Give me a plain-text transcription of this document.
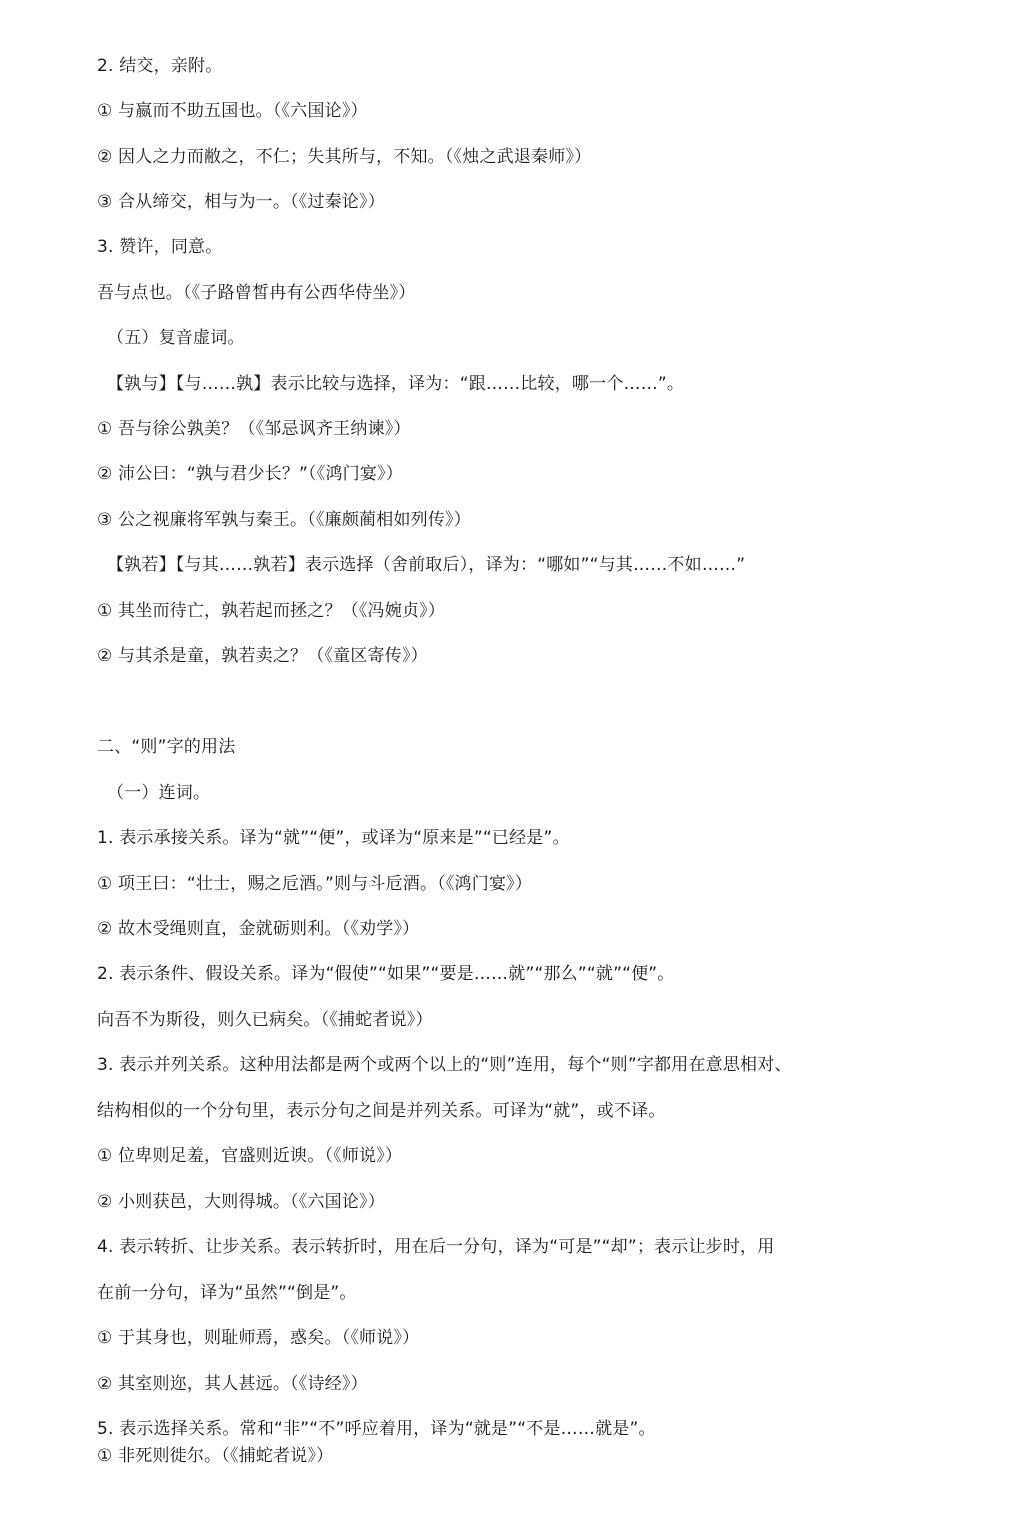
2. 结交，亲附。
① 与嬴而不助五国也。（《六国论》）
② 因人之力而敝之，不仁；失其所与，不知。（《烛之武退秦师》）
③ 合从缔交，相与为一。（《过秦论》）
3. 赞许，同意。
吾与点也。（《子路曾皙冉有公西华侍坐》）
（五）复音虚词。
【孰与】【与……孰】表示比较与选择，译为：“跟……比较，哪一个……”。
① 吾与徐公孰美？（《邹忌讽齐王纳谏》）
② 沛公曰：“孰与君少长？”（《鸿门宴》）
③ 公之视廉将军孰与秦王。（《廉颇蔺相如列传》）
【孰若】【与其……孰若】表示选择（舍前取后），译为：“哪如”“与其……不如……”
① 其坐而待亡，孰若起而拯之？（《冯婉贞》）
② 与其杀是童，孰若卖之？（《童区寄传》）
二、“则”字的用法
（一）连词。
1. 表示承接关系。译为“就”“便”，或译为“原来是”“已经是”。
① 项王曰：“壮士，赐之卮酒。”则与斗卮酒。（《鸿门宴》）
② 故木受绳则直，金就砺则利。（《劝学》）
2. 表示条件、假设关系。译为“假使”“如果”“要是……就”“那么”“就”“便”。
向吾不为斯役，则久已病矣。（《捕蛇者说》）
3. 表示并列关系。这种用法都是两个或两个以上的“则”连用，每个“则”字都用在意思相对、
结构相似的一个分句里，表示分句之间是并列关系。可译为“就”，或不译。
① 位卑则足羞，官盛则近谀。（《师说》）
② 小则获邑，大则得城。（《六国论》）
4. 表示转折、让步关系。表示转折时，用在后一分句，译为“可是”“却”；表示让步时，用
在前一分句，译为“虽然”“倒是”。
① 于其身也，则耻师焉，惑矣。（《师说》）
② 其室则迩，其人甚远。（《诗经》）
5. 表示选择关系。常和“非”“不”呼应着用，译为“就是”“不是……就是”。
① 非死则徙尔。（《捕蛇者说》）
